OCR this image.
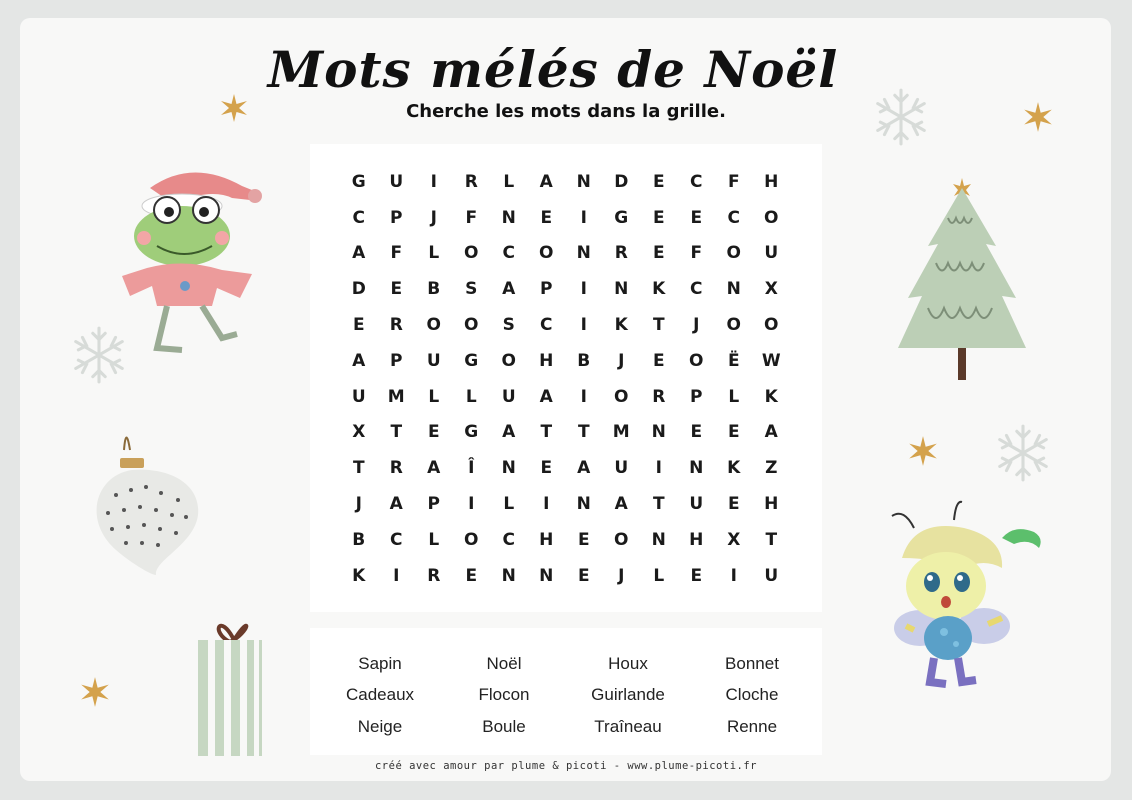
Mots mélés de Noël
Cherche les mots dans la grille.
G	U	I	R	L	A	N	D	E	C	F	H
C	P	J	F	N	E	I	G	E	E	C	O
A	F	L	O	C	O	N	R	E	F	O	U
D	E	B	S	A	P	I	N	K	C	N	X
E	R	O	O	S	C	I	K	T	J	O	O
A	P	U	G	O	H	B	J	E	O	Ë	W
U	M	L	L	U	A	I	O	R	P	L	K
X	T	E	G	A	T	T	M	N	E	E	A
T	R	A	Î	N	E	A	U	I	N	K	Z
J	A	P	I	L	I	N	A	T	U	E	H
B	C	L	O	C	H	E	O	N	H	X	T
K	I	R	E	N	N	E	J	L	E	I	U
Sapin	Noël	Houx	Bonnet
Cadeaux	Flocon	Guirlande	Cloche
Neige	Boule	Traîneau	Renne
créé avec amour par plume & picoti - www.plume-picoti.fr
